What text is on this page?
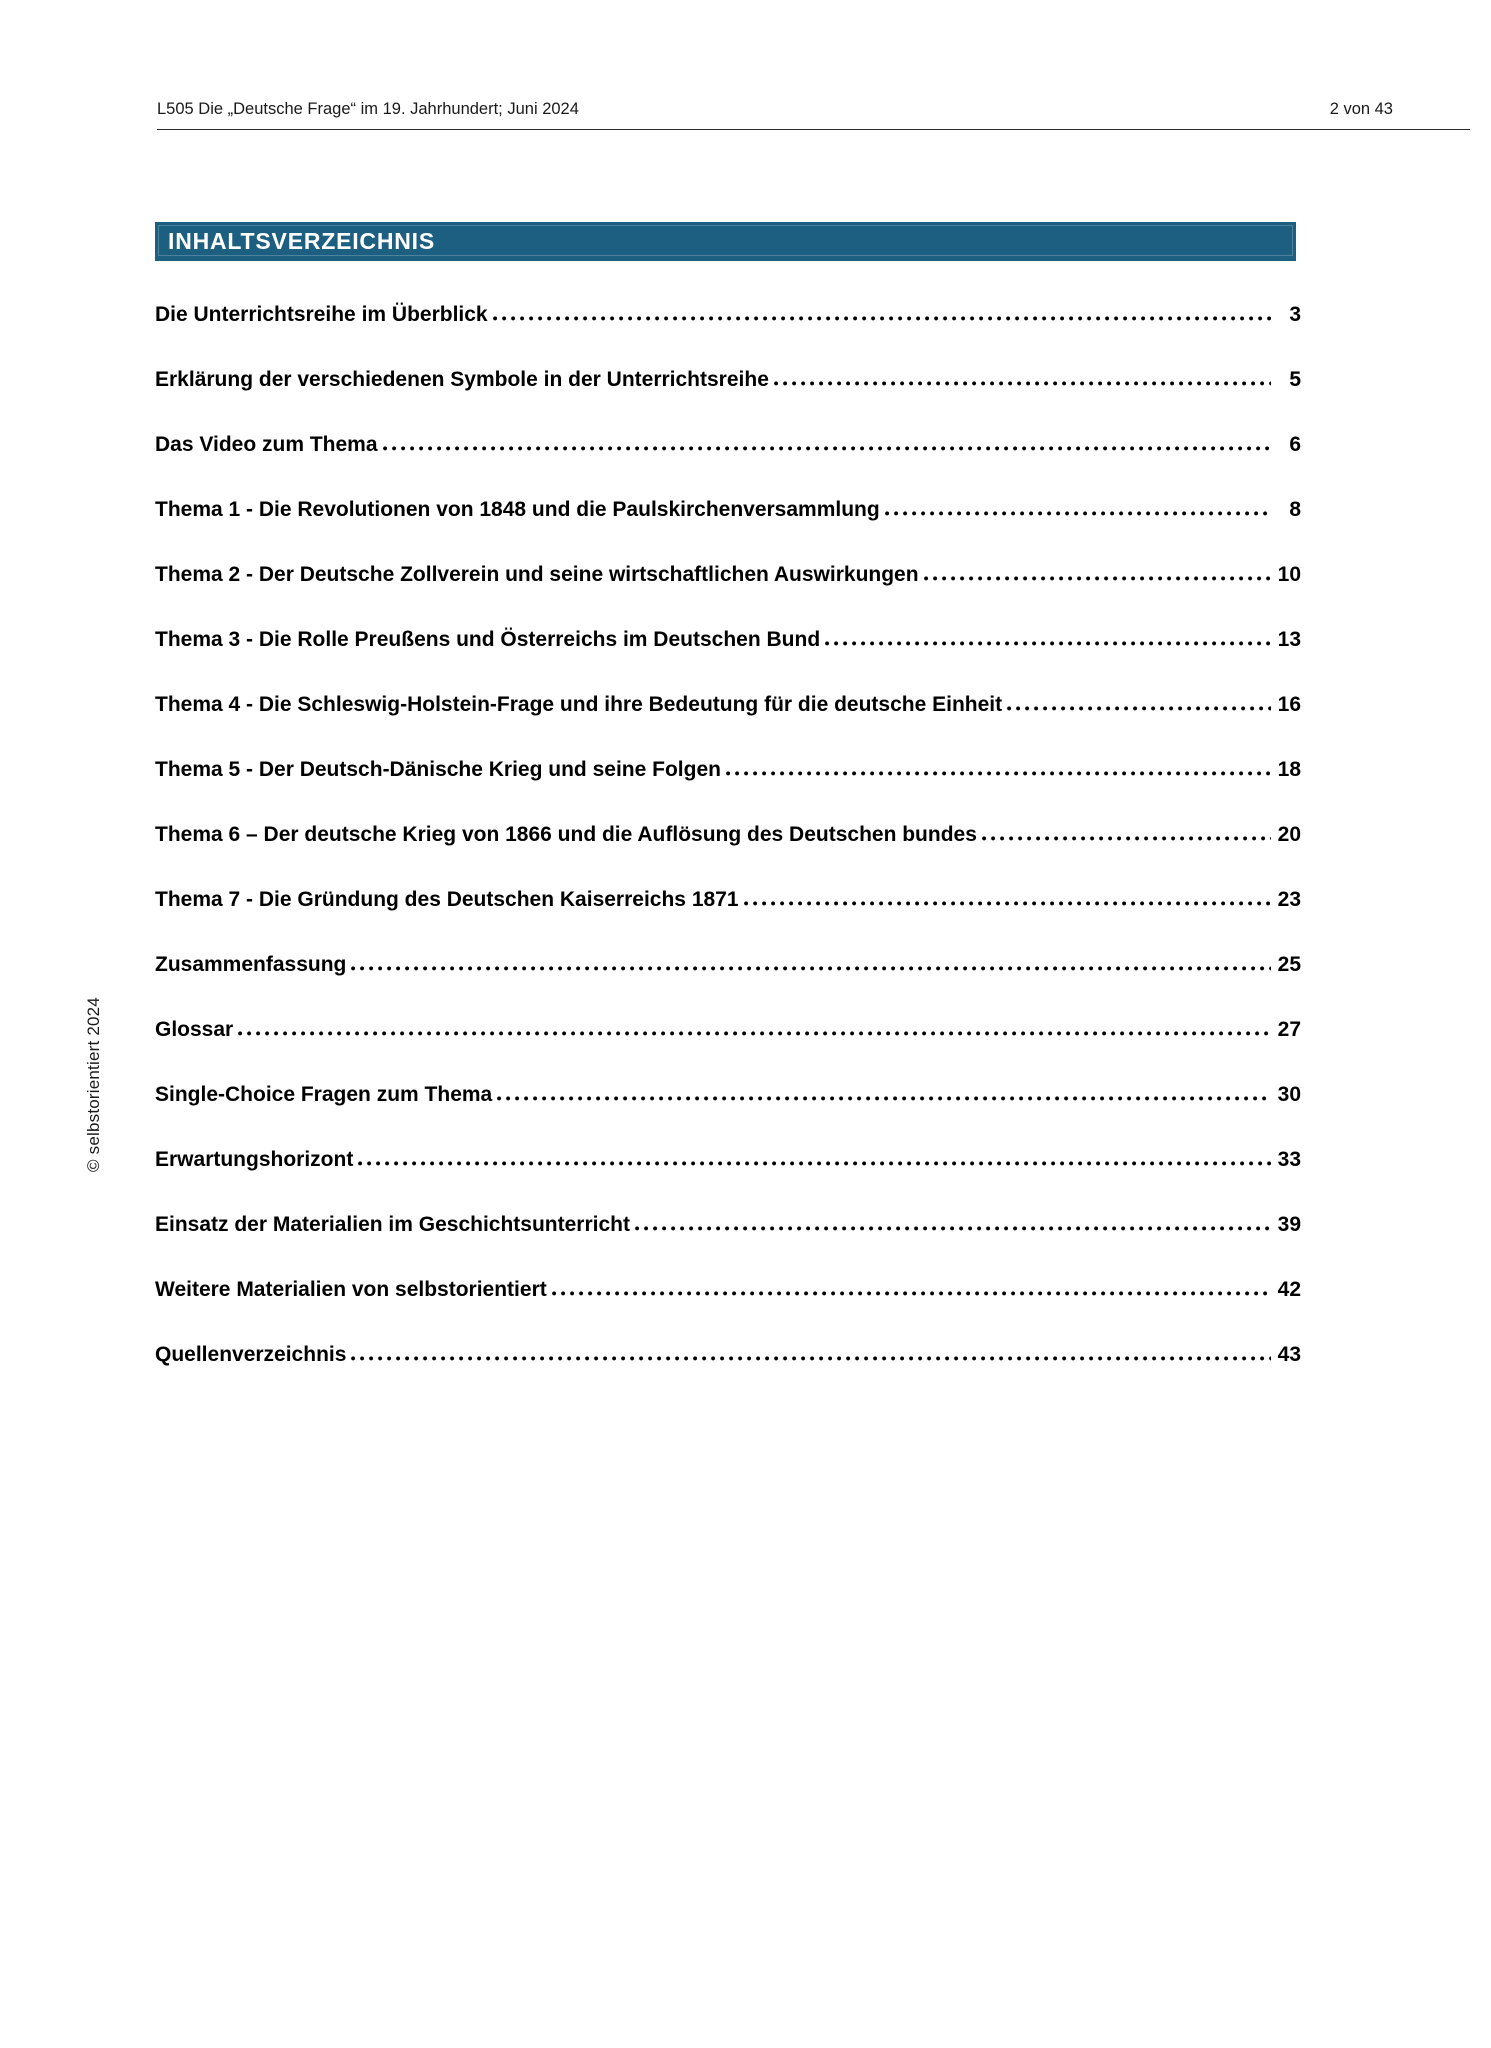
L505 Die „Deutsche Frage“ im 19. Jahrhundert; Juni 2024	2 von 43
© selbstorientiert 2024
INHALTSVERZEICHNIS
Die Unterrichtsreihe im Überblick	3
Erklärung der verschiedenen Symbole in der Unterrichtsreihe	5
Das Video zum Thema	6
Thema 1 - Die Revolutionen von 1848 und die Paulskirchenversammlung	8
Thema 2 - Der Deutsche Zollverein und seine wirtschaftlichen Auswirkungen	10
Thema 3 - Die Rolle Preußens und Österreichs im Deutschen Bund	13
Thema 4 - Die Schleswig-Holstein-Frage und ihre Bedeutung für die deutsche Einheit	16
Thema 5 - Der Deutsch-Dänische Krieg und seine Folgen	18
Thema 6 – Der deutsche Krieg von 1866 und die Auflösung des Deutschen bundes	20
Thema 7 - Die Gründung des Deutschen Kaiserreichs 1871	23
Zusammenfassung	25
Glossar	27
Single-Choice Fragen zum Thema	30
Erwartungshorizont	33
Einsatz der Materialien im Geschichtsunterricht	39
Weitere Materialien von selbstorientiert	42
Quellenverzeichnis	43
